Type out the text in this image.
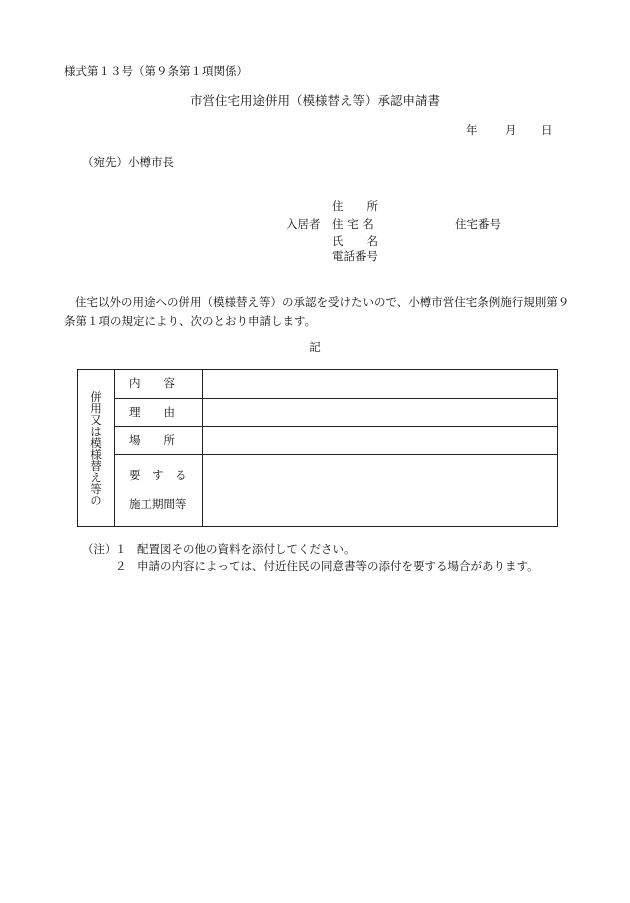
様式第１３号（第９条第１項関係）
市営住宅用途併用（模様替え等）承認申請書
年 月 日
（宛先）小樽市長
入居者
住　　所
住 宅 名
氏　　名
電話番号
住宅番号
住宅以外の用途への併用（模様替え等）の承認を受けたいので、小樽市営住宅条例施行規則第９条第１項の規定により、次のとおり申請します。
記
併用又は模様替え等の
内　　容
理　　由
場　　所
要　す　る
施工期間等
（注）
１ 配置図その他の資料を添付してください。
２ 申請の内容によっては、付近住民の同意書等の添付を要する場合があります。
